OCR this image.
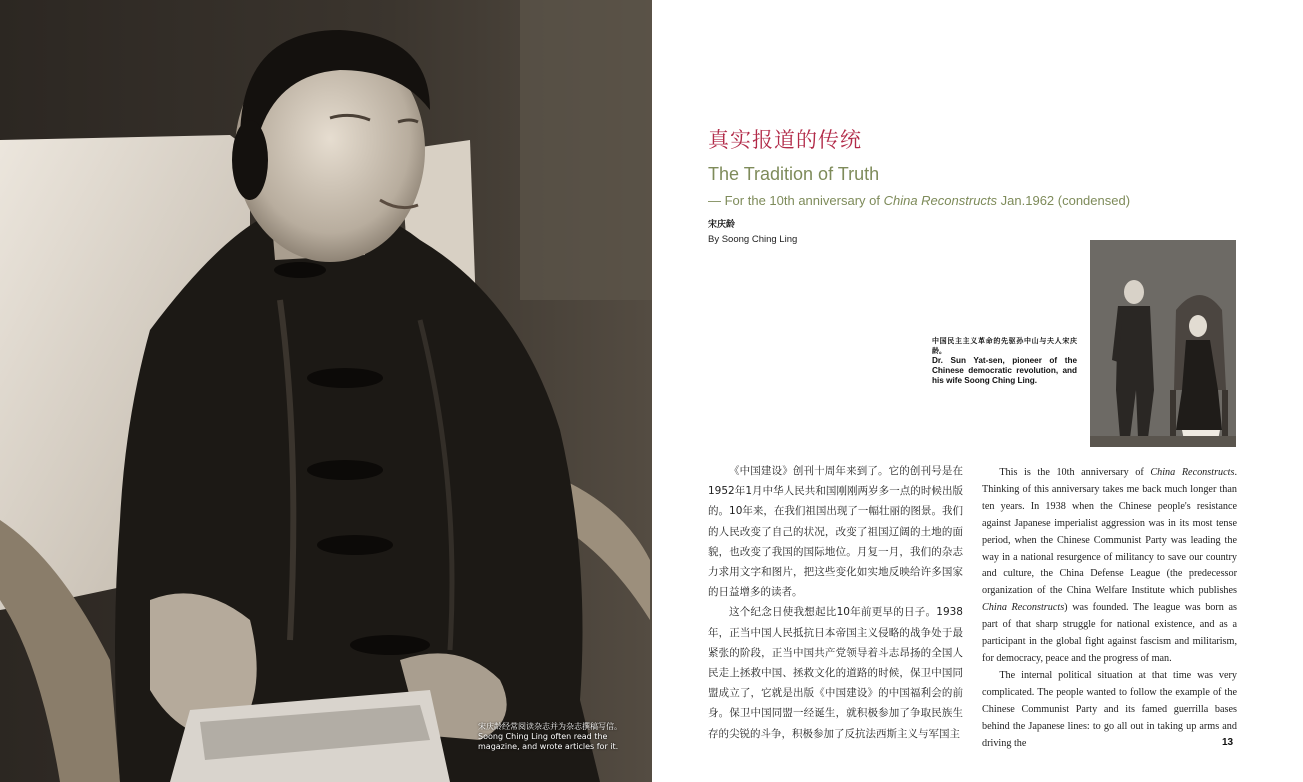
宋庆龄经常阅读杂志并为杂志撰稿写信。
Soong Ching Ling often read the magazine, and wrote articles for it.
真实报道的传统
The Tradition of Truth
— For the 10th anniversary of China Reconstructs Jan.1962 (condensed)
宋庆龄
By Soong Ching Ling
中国民主主义革命的先驱孙中山与夫人宋庆龄。
Dr. Sun Yat-sen, pioneer of the Chinese democratic revolution, and his wife Soong Ching Ling.

《中国建设》创刊十周年来到了。它的创刊号是在1952年1月中华人民共和国刚刚两岁多一点的时候出版的。10年来，在我们祖国出现了一幅壮丽的图景。我们的人民改变了自己的状况，改变了祖国辽阔的土地的面貌，也改变了我国的国际地位。月复一月，我们的杂志力求用文字和图片，把这些变化如实地反映给许多国家的日益增多的读者。

这个纪念日使我想起比10年前更早的日子。1938年，正当中国人民抵抗日本帝国主义侵略的战争处于最紧张的阶段，正当中国共产党领导着斗志昂扬的全国人民走上拯救中国、拯救文化的道路的时候，保卫中国同盟成立了，它就是出版《中国建设》的中国福利会的前身。保卫中国同盟一经诞生，就积极参加了争取民族生存的尖锐的斗争，积极参加了反抗法西斯主义与军国主

This is the 10th anniversary of China Reconstructs. Thinking of this anniversary takes me back much longer than ten years. In 1938 when the Chinese people's resistance against Japanese imperialist aggression was in its most tense period, when the Chinese Communist Party was leading the way in a national resurgence of militancy to save our country and culture, the China Defense League (the predecessor organization of the China Welfare Institute which publishes China Reconstructs) was founded. The league was born as part of that sharp struggle for national existence, and as a participant in the global fight against fascism and militarism, for democracy, peace and the progress of man.

The internal political situation at that time was very complicated. The people wanted to follow the example of the Chinese Communist Party and its famed guerrilla bases behind the Japanese lines: to go all out in taking up arms and driving the	13
